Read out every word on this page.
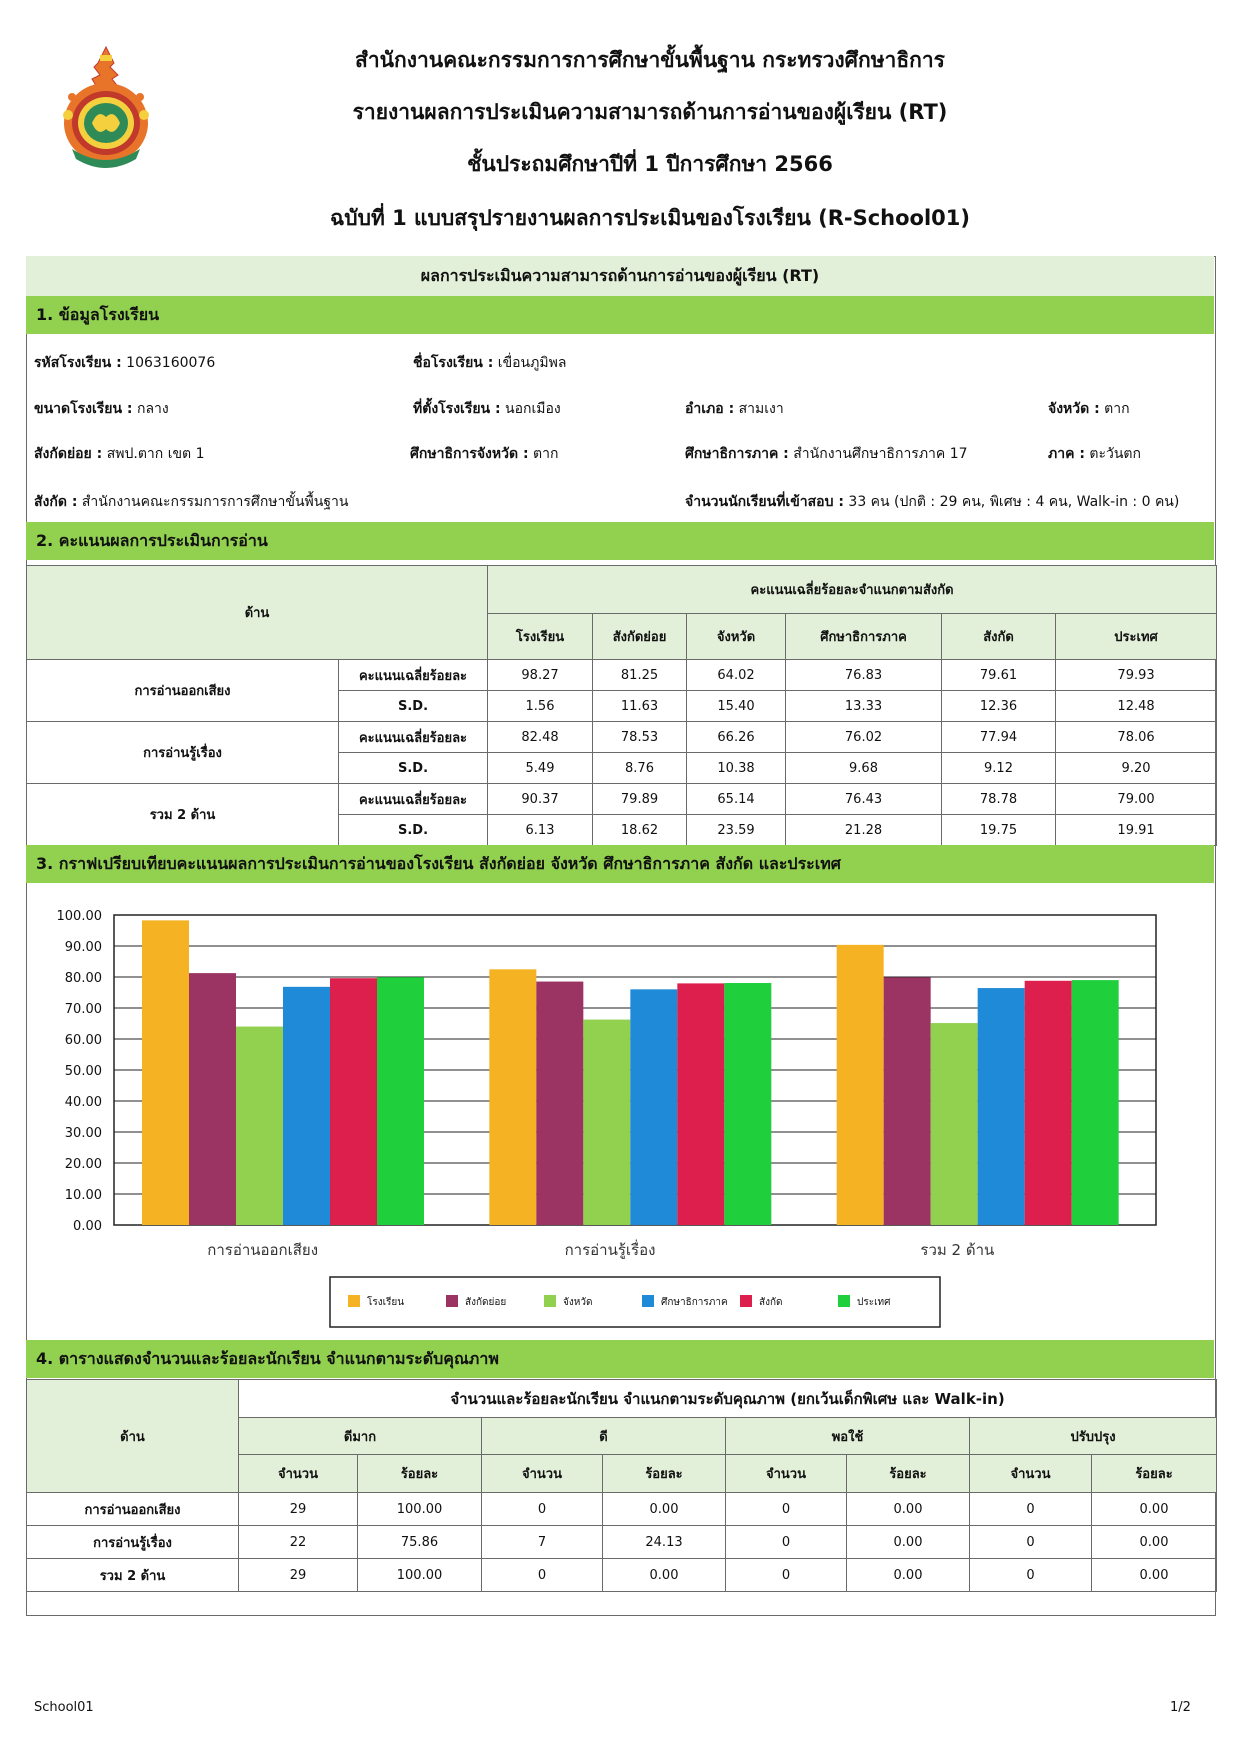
สำนักงานคณะกรรมการการศึกษาขั้นพื้นฐาน กระทรวงศึกษาธิการ
รายงานผลการประเมินความสามารถด้านการอ่านของผู้เรียน (RT)
ชั้นประถมศึกษาปีที่ 1 ปีการศึกษา 2566
ฉบับที่ 1 แบบสรุปรายงานผลการประเมินของโรงเรียน (R-School01)
ผลการประเมินความสามารถด้านการอ่านของผู้เรียน (RT)
1. ข้อมูลโรงเรียน
รหัสโรงเรียน : 1063160076	ชื่อโรงเรียน : เขื่อนภูมิพล
ขนาดโรงเรียน : กลาง	ที่ตั้งโรงเรียน : นอกเมือง	อำเภอ : สามเงา	จังหวัด : ตาก
สังกัดย่อย : สพป.ตาก เขต 1	ศึกษาธิการจังหวัด : ตาก	ศึกษาธิการภาค : สำนักงานศึกษาธิการภาค 17	ภาค : ตะวันตก
สังกัด : สำนักงานคณะกรรมการการศึกษาขั้นพื้นฐาน	จำนวนนักเรียนที่เข้าสอบ : 33 คน (ปกติ : 29 คน, พิเศษ : 4 คน, Walk-in : 0 คน)
2. คะแนนผลการประเมินการอ่าน
ด้าน		คะแนนเฉลี่ยร้อยละจำแนกตามสังกัด					
		โรงเรียน	สังกัดย่อย	จังหวัด	ศึกษาธิการภาค	สังกัด	ประเทศ
การอ่านออกเสียง	คะแนนเฉลี่ยร้อยละ	98.27	81.25	64.02	76.83	79.61	79.93
	S.D.	1.56	11.63	15.40	13.33	12.36	12.48
การอ่านรู้เรื่อง	คะแนนเฉลี่ยร้อยละ	82.48	78.53	66.26	76.02	77.94	78.06
	S.D.	5.49	8.76	10.38	9.68	9.12	9.20
รวม 2 ด้าน	คะแนนเฉลี่ยร้อยละ	90.37	79.89	65.14	76.43	78.78	79.00
	S.D.	6.13	18.62	23.59	21.28	19.75	19.91
3. กราฟเปรียบเทียบคะแนนผลการประเมินการอ่านของโรงเรียน สังกัดย่อย จังหวัด ศึกษาธิการภาค สังกัด และประเทศ
0.00
10.00
20.00
30.00
40.00
50.00
60.00
70.00
80.00
90.00
100.00
การอ่านออกเสียง	การอ่านรู้เรื่อง	รวม 2 ด้าน
โรงเรียน	สังกัดย่อย	จังหวัด	ศึกษาธิการภาค	สังกัด	ประเทศ
4. ตารางแสดงจำนวนและร้อยละนักเรียน จำแนกตามระดับคุณภาพ
ด้าน	จำนวนและร้อยละนักเรียน จำแนกตามระดับคุณภาพ (ยกเว้นเด็กพิเศษ และ Walk-in)							
	ดีมาก		ดี		พอใช้		ปรับปรุง	
	จำนวน	ร้อยละ	จำนวน	ร้อยละ	จำนวน	ร้อยละ	จำนวน	ร้อยละ
การอ่านออกเสียง	29	100.00	0	0.00	0	0.00	0	0.00
การอ่านรู้เรื่อง	22	75.86	7	24.13	0	0.00	0	0.00
รวม 2 ด้าน	29	100.00	0	0.00	0	0.00	0	0.00
School01	1/2
